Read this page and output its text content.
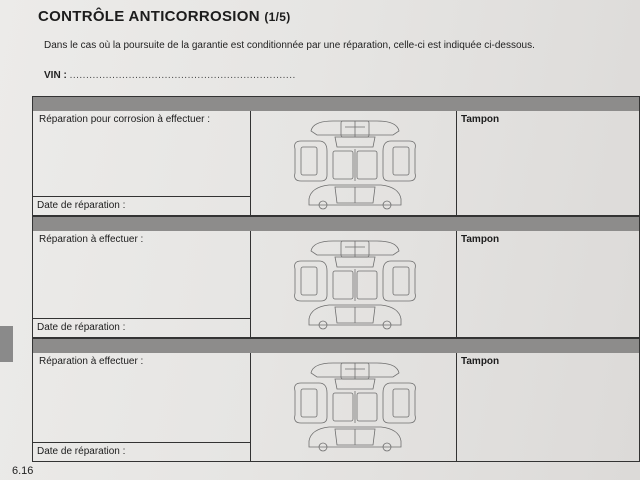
CONTRÔLE ANTICORROSION (1/5)
Dans le cas où la poursuite de la garantie est conditionnée par une réparation, celle-ci est indiquée ci-dessous.
VIN : .....................................................................
Réparation pour corrosion à effectuer :
Date de réparation :
Tampon
Réparation à effectuer :
Date de réparation :
Tampon
Réparation à effectuer :
Date de réparation :
Tampon
6.16
